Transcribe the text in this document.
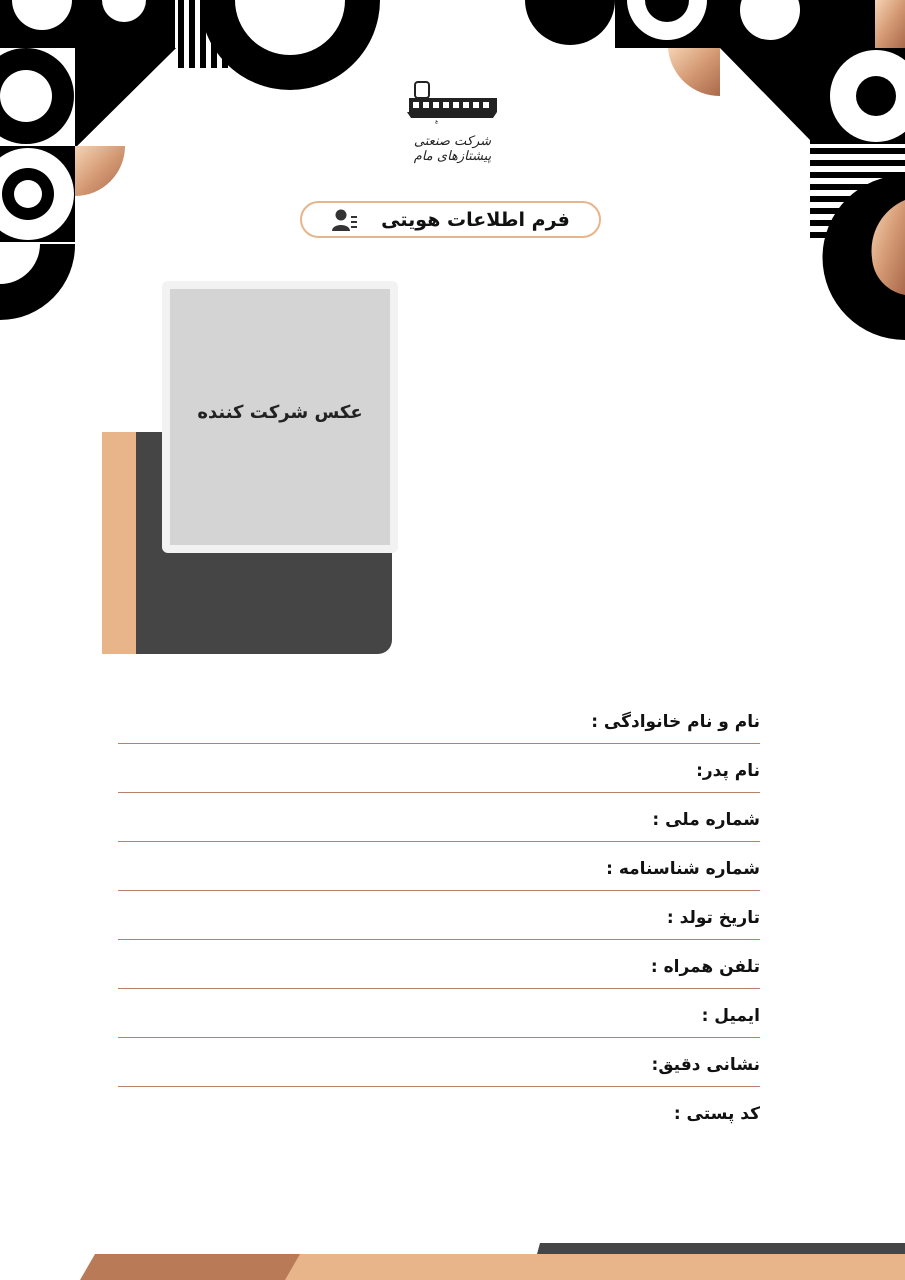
شرکت صنعتی پیشتازهای مام
فرم اطلاعات هویتی
عکس شرکت کننده
نام و نام خانوادگی :
نام پدر:
شماره ملی :
شماره شناسنامه :
تاریخ تولد :
تلفن همراه :
ایمیل :
نشانی دقیق:
کد پستی :
